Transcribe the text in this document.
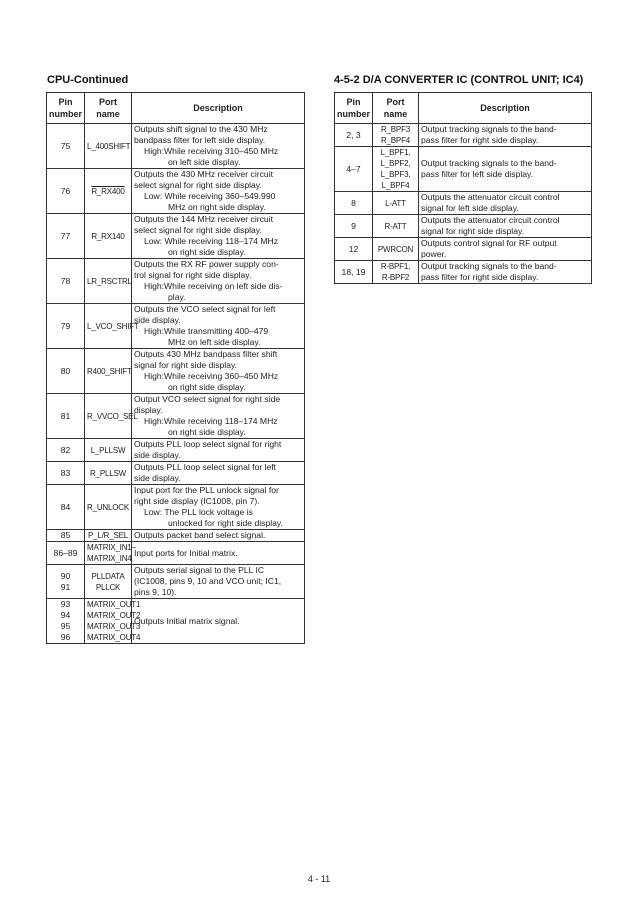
CPU-Continued	4-5-2 D/A CONVERTER IC (CONTROL UNIT; IC4)
Pin
number	Port
name	Description

75	L_400SHIFT	Outputs shift signal to the 430 MHz
bandpass filter for left side display.
High:While receiving 310–450 MHz
on left side display.

76	R_RX400	Outputs the 430 MHz receiver circuit
select signal for right side display.
Low: While receiving 360–549.990
MHz on right side display.

77	R_RX140	Outputs the 144 MHz receiver circuit
select signal for right side display.
Low: While receiving 118–174 MHz
on right side display.

78	LR_RSCTRL	Outputs the RX RF power supply con-
trol signal for right side display.
High:While receiving on left side dis-
play.

79	L_VCO_SHIFT	Outputs the VCO select signal for left
side display.
High:While transmitting 400–479
MHz on left side display.

80	R400_SHIFT	Outputs 430 MHz bandpass filter shift
signal for right side display.
High:While receiving 360–450 MHz
on right side display.

81	R_VVCO_SEL	Output VCO select signal for right side
display.
High:While receiving 118–174 MHz
on right side display.

82	L_PLLSW	Outputs PLL loop select signal for right
side display.

83	R_PLLSW	Outputs PLL loop select signal for left
side display.

84	R_UNLOCK	Input port for the PLL unlock signal for
right side display (IC1008, pin 7).
Low: The PLL lock voltage is
unlocked for right side display.

85	P_L/R_SEL	Outputs packet band select signal.

86–89	MATRIX_IN1–
MATRIX_IN4	Input ports for Initial matrix.

90
91	PLLDATA
PLLCK	Outputs serial signal to the PLL IC
(IC1008, pins 9, 10 and VCO unit; IC1,
pins 9, 10).

93
94
95
96	MATRIX_OUT1
MATRIX_OUT2
MATRIX_OUT3
MATRIX_OUT4	Outputs Initial matrix signal.
Pin
number	Port
name	Description

2, 3	R_BPF3
R_BPF4	Output tracking signals to the band-
pass filter for right side display.

4–7	L_BPF1,
L_BPF2,
L_BPF3,
L_BPF4	Output tracking signals to the band-
pass filter for left side display.

8	L-ATT	Outputs the attenuator circuit control
signal for left side display.

9	R-ATT	Outputs the attenuator circuit control
signal for right side display.

12	PWRCON	Outputs control signal for RF output
power.

18, 19	R-BPF1,
R-BPF2	Output tracking signals to the band-
pass filter for right side display.
4 - 11
